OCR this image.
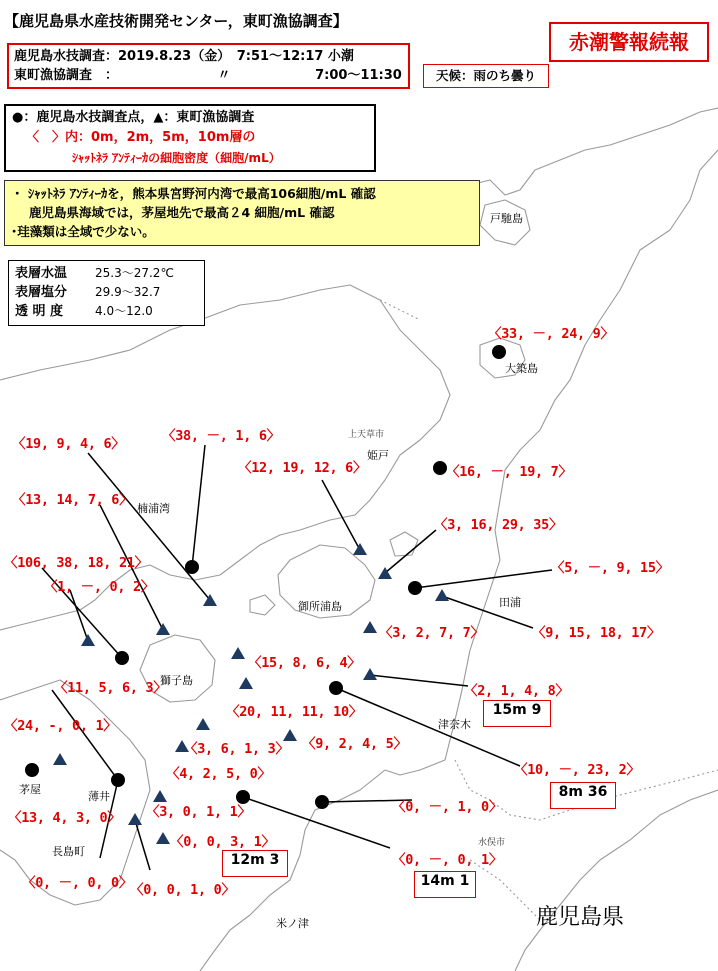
【鹿児島県水産技術開発センター，東町漁協調査】
赤潮警報続報
鹿児島水技調査：2019.8.23（金）　7:51～12:17 小潮
東町漁協調査　：	〃	7:00～11:30	天候：雨のち曇り
●：鹿児島水技調査点，▲：東町漁協調査
〈　〉内：0m，2m，5m，10m層の
ｼｬｯﾄﾈﾗ ｱﾝﾃｨｰｶの細胞密度（細胞/mL）
・ ｼｬｯﾄﾈﾗ ｱﾝﾃｨｰｶを，熊本県宮野河内湾で最高106細胞/mL 確認
鹿児島県海域では，茅屋地先で最高２4 細胞/mL 確認
･珪藻類は全域で少ない。
表層水温 25.3～27.2℃
表層塩分 29.9～32.7
透 明 度	4.0～12.0
戸馳島
大築島
上天草市
姫戸
楠浦湾
御所浦島	田浦
獅子島
津奈木
茅屋
薄井
長島町
水俣市
米ノ津	鹿児島県
〈33, －, 24, 9〉
〈38, －, 1, 6〉
〈19, 9, 4, 6〉
〈12, 19, 12, 6〉	〈16, －, 19, 7〉
〈13, 14, 7, 6〉
〈3, 16, 29, 35〉
〈106, 38, 18, 21〉	〈5, －, 9, 15〉
〈1, －, 0, 2〉
〈9, 15, 18, 17〉
〈3, 2, 7, 7〉
〈15, 8, 6, 4〉
〈11, 5, 6, 3〉	〈2, 1, 4, 8〉
〈20, 11, 11, 10〉
〈24, -, 0, 1〉
〈3, 6, 1, 3〉 〈9, 2, 4, 5〉
〈10, －, 23, 2〉
〈4, 2, 5, 0〉
〈13, 4, 3, 0〉 〈3, 0, 1, 1〉	〈0, －, 1, 0〉
〈0, 0, 3, 1〉
〈0, －, 0, 1〉
〈0, －, 0, 0〉
〈0, 0, 1, 0〉
15m 9
8m 36
12m 3
14m 1
